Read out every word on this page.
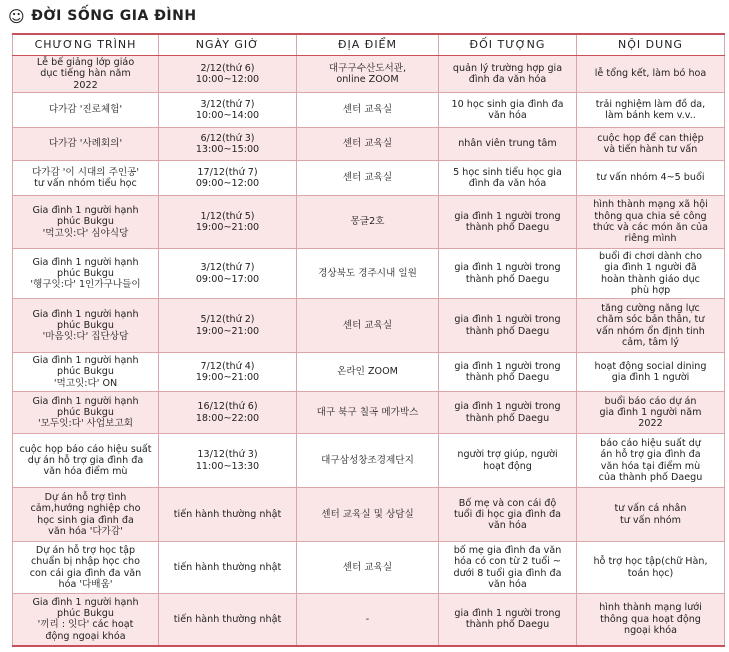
☺ ĐỜI SỐNG GIA ĐÌNH
CHƯƠNG TRÌNH	NGÀY GIỜ	ĐỊA ĐIỂM	ĐỐI TƯỢNG	NỘI DUNG
Lễ bế giảng lớp giáo
dục tiếng hàn năm
2022	2/12(thứ 6)
10:00~12:00	대구구수산도서관,
online ZOOM	quản lý trường hợp gia
đình đa văn hóa	lễ tổng kết, làm bó hoa
다가감 '진로체험'	3/12(thứ 7)
10:00~14:00	센터 교육실	10 học sinh gia đình đa
văn hóa	trải nghiệm làm đồ da,
làm bánh kem v.v..
다가감 '사례회의'	6/12(thứ 3)
13:00~15:00	센터 교육실	nhân viên trung tâm	cuộc họp để can thiệp
và tiến hành tư vấn
다가감 '이 시대의 주인공'
tư vấn nhóm tiểu học	17/12(thứ 7)
09:00~12:00	센터 교육실	5 học sinh tiểu học gia
đình đa văn hóa	tư vấn nhóm 4~5 buổi
Gia đình 1 người hạnh
phúc Bukgu
'먹고잇:다' 심야식당	1/12(thứ 5)
19:00~21:00	몽글2호	gia đình 1 người trong
thành phố Daegu	hình thành mạng xã hội
thông qua chia sẻ công
thức và các món ăn của
riêng mình
Gia đình 1 người hạnh
phúc Bukgu
'행구잇:다' 1인가구나들이	3/12(thứ 7)
09:00~17:00	경상북도 경주시내 일원	gia đình 1 người trong
thành phố Daegu	buổi đi chơi dành cho
gia đình 1 người đã
hoàn thành giáo dục
phù hợp
Gia đình 1 người hạnh
phúc Bukgu
'마음잇:다' 집단상담	5/12(thứ 2)
19:00~21:00	센터 교육실	gia đình 1 người trong
thành phố Daegu	tăng cường năng lực
chăm sóc bản thân, tư
vấn nhóm ổn định tinh
cảm, tâm lý
Gia đình 1 người hạnh
phúc Bukgu
'먹고잇:다' ON	7/12(thứ 4)
19:00~21:00	온라인 ZOOM	gia đình 1 người trong
thành phố Daegu	hoạt động social dining
gia đình 1 người
Gia đình 1 người hạnh
phúc Bukgu
'모두잇:다' 사업보고회	16/12(thứ 6)
18:00~22:00	대구 북구 칠곡 메가박스	gia đình 1 người trong
thành phố Daegu	buổi báo cáo dự án
gia đình 1 người năm
2022
cuộc họp báo cáo hiệu suất
dự án hỗ trợ gia đình đa
văn hóa điểm mù	13/12(thứ 3)
11:00~13:30	대구삼성창조경제단지	người trợ giúp, người
hoạt động	báo cáo hiệu suất dự
án hỗ trợ gia đình đa
văn hóa tại điểm mù
của thành phố Daegu
Dự án hỗ trợ tình
cảm,hướng nghiệp cho
học sinh gia đình đa
văn hóa '다가감'	tiến hành thường nhật	센터 교육실 및 상담실	Bố mẹ và con cái độ
tuổi đi học gia đình đa
văn hóa	tư vấn cá nhân
tư vấn nhóm
Dự án hỗ trợ học tập
chuẩn bị nhập học cho
con cái gia đình đa văn
hóa '다배움'	tiến hành thường nhật	센터 교육실	bố mẹ gia đình đa văn
hóa có con từ 2 tuổi ~
dưới 8 tuổi gia đình đa
văn hóa	hỗ trợ học tập(chữ Hàn,
toán học)
Gia đình 1 người hạnh
phúc Bukgu
'끼리 : 잇다' các hoạt
động ngoại khóa	tiến hành thường nhật	-	gia đình 1 người trong
thành phố Daegu	hình thành mạng lưới
thông qua hoạt động
ngoại khóa
